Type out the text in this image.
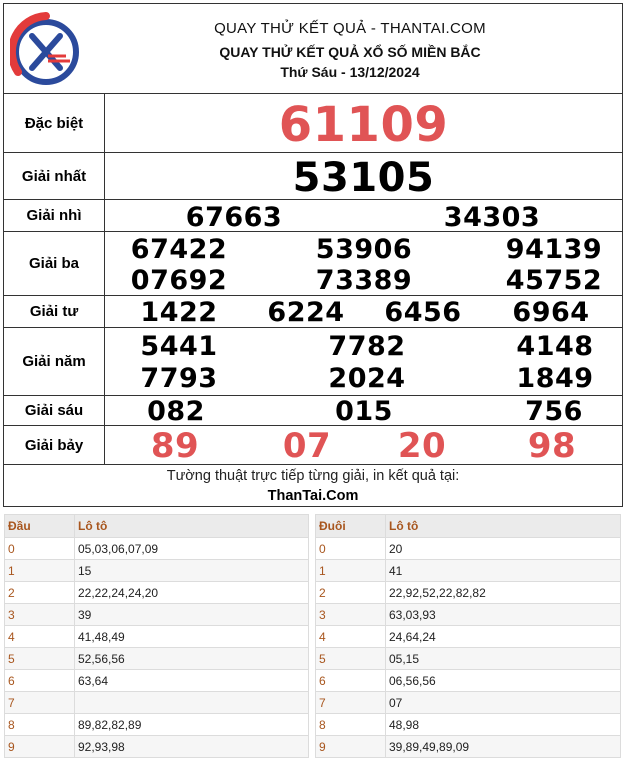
QUAY THỬ KẾT QUẢ - THANTAI.COM
QUAY THỬ KẾT QUẢ XỔ SỐ MIỀN BẮC
Thứ Sáu - 13/12/2024
Đặc biệt	61109
Giải nhất	53105
Giải nhì	67663	34303
Giải ba	67422	53906	94139
07692	73389	45752
Giải tư	1422	6224	6456	6964
Giải năm	5441	7782	4148
7793	2024	1849
Giải sáu	082	015	756
Giải bảy	89	07	20	98
Tường thuật trực tiếp từng giải, in kết quả tại:
ThanTai.Com
Đầu	Lô tô
0	05,03,06,07,09
1	15
2	22,22,24,24,20
3	39
4	41,48,49
5	52,56,56
6	63,64
7	
8	89,82,82,89
9	92,93,98
Đuôi	Lô tô
0	20
1	41
2	22,92,52,22,82,82
3	63,03,93
4	24,64,24
5	05,15
6	06,56,56
7	07
8	48,98
9	39,89,49,89,09
